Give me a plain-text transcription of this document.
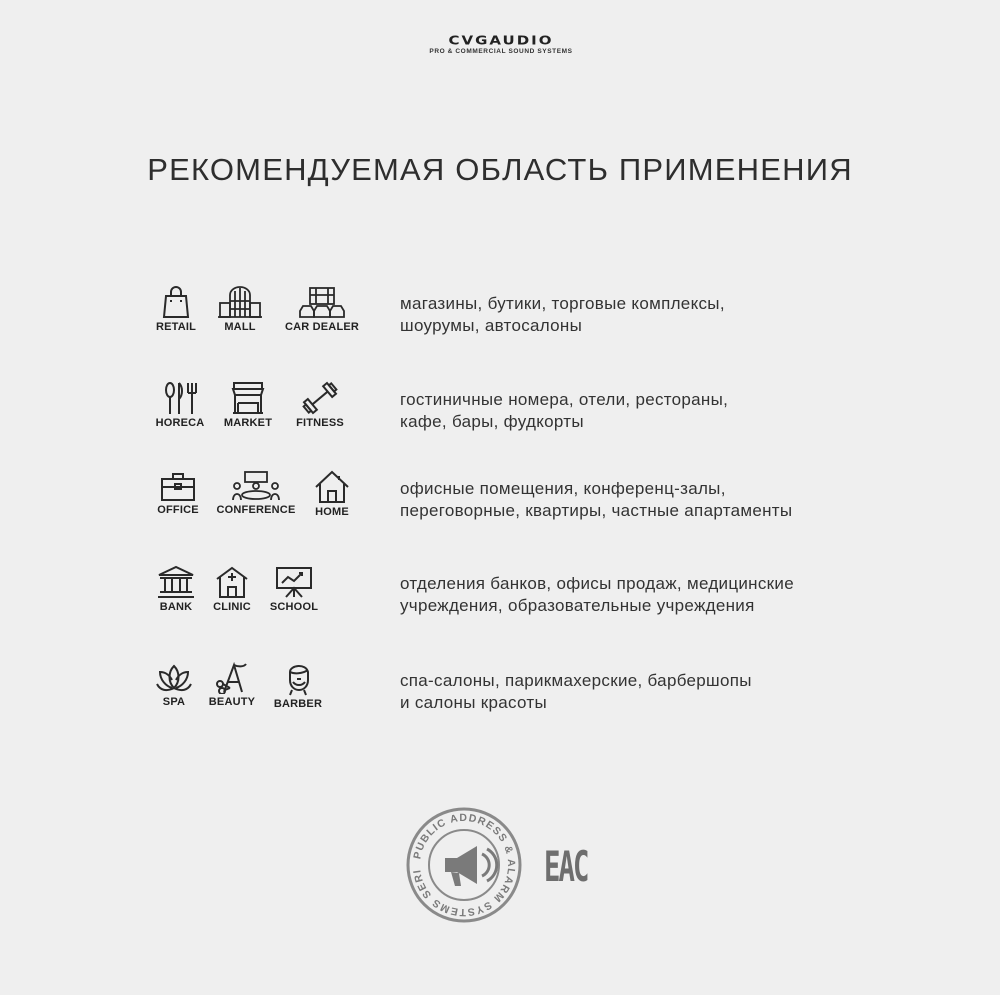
CVGAUDIO
PRO & COMMERCIAL SOUND SYSTEMS
РЕКОМЕНДУЕМАЯ ОБЛАСТЬ ПРИМЕНЕНИЯ
RETAIL	MALL	CAR DEALER
магазины, бутики, торговые комплексы,
шоурумы, автосалоны
HORECA	MARKET	FITNESS
гостиничные номера, отели, рестораны,
кафе, бары, фудкорты
OFFICE	CONFERENCE	HOME
офисные помещения, конференц-залы,
переговорные, квартиры, частные апартаменты
BANK	CLINIC	SCHOOL
отделения банков, офисы продаж, медицинские
учреждения, образовательные учреждения
SPA	BEAUTY	BARBER
спа-салоны, парикмахерские, барбершопы
и салоны красоты
PUBLIC ADDRESS & ALARM SYSTEMS SERI	EAC
